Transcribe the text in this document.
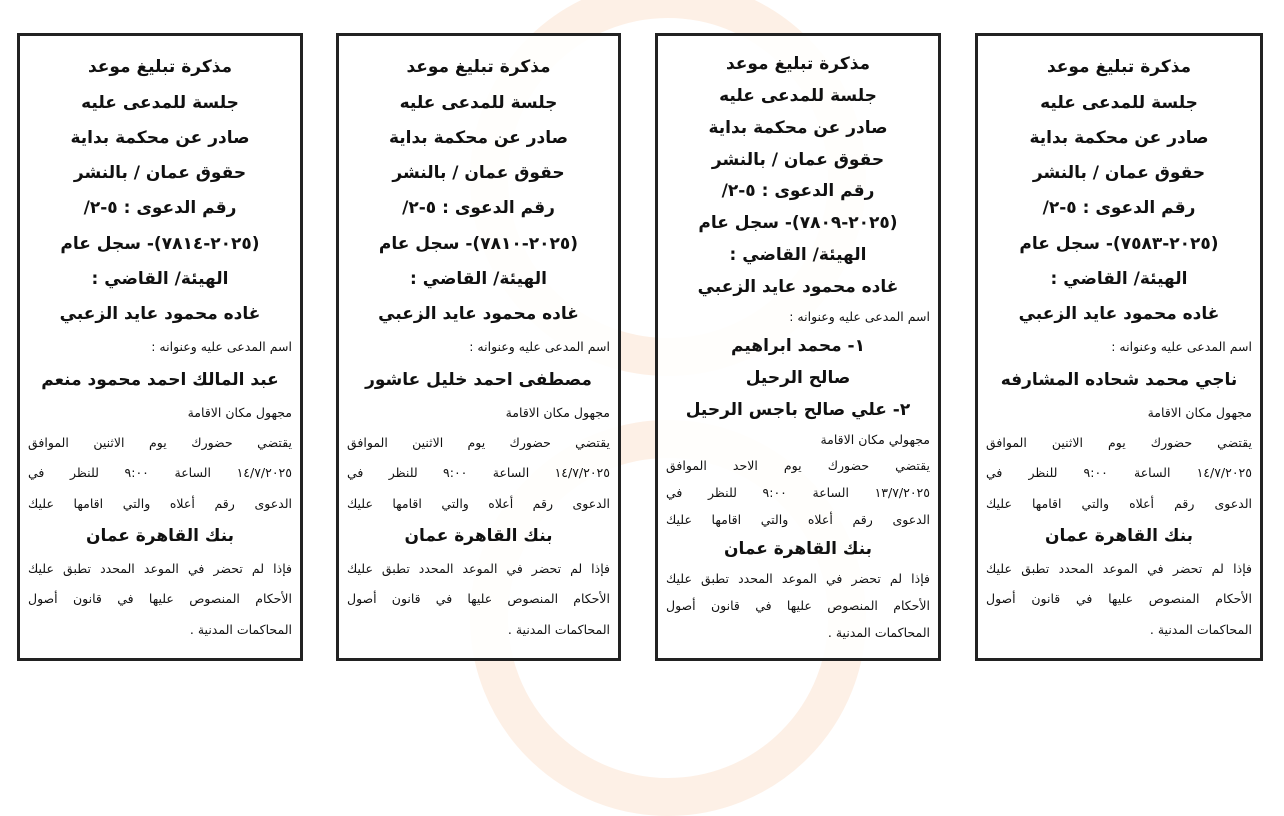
مذكرة تبليغ موعد
جلسة للمدعى عليه
صادر عن محكمة بداية
حقوق عمان / بالنشر
رقم الدعوى : ٥-٢/
(٢٠٢٥-٧٨١٤)- سجل عام
الهيئة/ القاضي :
غاده محمود عايد الزعبي
اسم المدعى عليه وعنوانه :
عبد المالك احمد محمود منعم
مجهول مكان الاقامة
يقتضي حضورك يوم الاثنين الموافق
١٤/٧/٢٠٢٥ الساعة ٩:٠٠ للنظر في
الدعوى رقم أعلاه والتي اقامها عليك
بنك القاهرة عمان
فإذا لم تحضر في الموعد المحدد تطبق عليك
الأحكام المنصوص عليها في قانون أصول
المحاكمات المدنية .
مذكرة تبليغ موعد
جلسة للمدعى عليه
صادر عن محكمة بداية
حقوق عمان / بالنشر
رقم الدعوى : ٥-٢/
(٢٠٢٥-٧٨١٠)- سجل عام
الهيئة/ القاضي :
غاده محمود عايد الزعبي
اسم المدعى عليه وعنوانه :
مصطفى احمد خليل عاشور
مجهول مكان الاقامة
يقتضي حضورك يوم الاثنين الموافق
١٤/٧/٢٠٢٥ الساعة ٩:٠٠ للنظر في
الدعوى رقم أعلاه والتي اقامها عليك
بنك القاهرة عمان
فإذا لم تحضر في الموعد المحدد تطبق عليك
الأحكام المنصوص عليها في قانون أصول
المحاكمات المدنية .
مذكرة تبليغ موعد
جلسة للمدعى عليه
صادر عن محكمة بداية
حقوق عمان / بالنشر
رقم الدعوى : ٥-٢/
(٢٠٢٥-٧٨٠٩)- سجل عام
الهيئة/ القاضي :
غاده محمود عايد الزعبي
اسم المدعى عليه وعنوانه :
١- محمد ابراهيم
صالح الرحيل
٢- علي صالح باجس الرحيل
مجهولي مكان الاقامة
يقتضي حضورك يوم الاحد الموافق
١٣/٧/٢٠٢٥ الساعة ٩:٠٠ للنظر في
الدعوى رقم أعلاه والتي اقامها عليك
بنك القاهرة عمان
فإذا لم تحضر في الموعد المحدد تطبق عليك
الأحكام المنصوص عليها في قانون أصول
المحاكمات المدنية .
مذكرة تبليغ موعد
جلسة للمدعى عليه
صادر عن محكمة بداية
حقوق عمان / بالنشر
رقم الدعوى : ٥-٢/
(٢٠٢٥-٧٥٨٣)- سجل عام
الهيئة/ القاضي :
غاده محمود عايد الزعبي
اسم المدعى عليه وعنوانه :
ناجي محمد شحاده المشارفه
مجهول مكان الاقامة
يقتضي حضورك يوم الاثنين الموافق
١٤/٧/٢٠٢٥ الساعة ٩:٠٠ للنظر في
الدعوى رقم أعلاه والتي اقامها عليك
بنك القاهرة عمان
فإذا لم تحضر في الموعد المحدد تطبق عليك
الأحكام المنصوص عليها في قانون أصول
المحاكمات المدنية .
